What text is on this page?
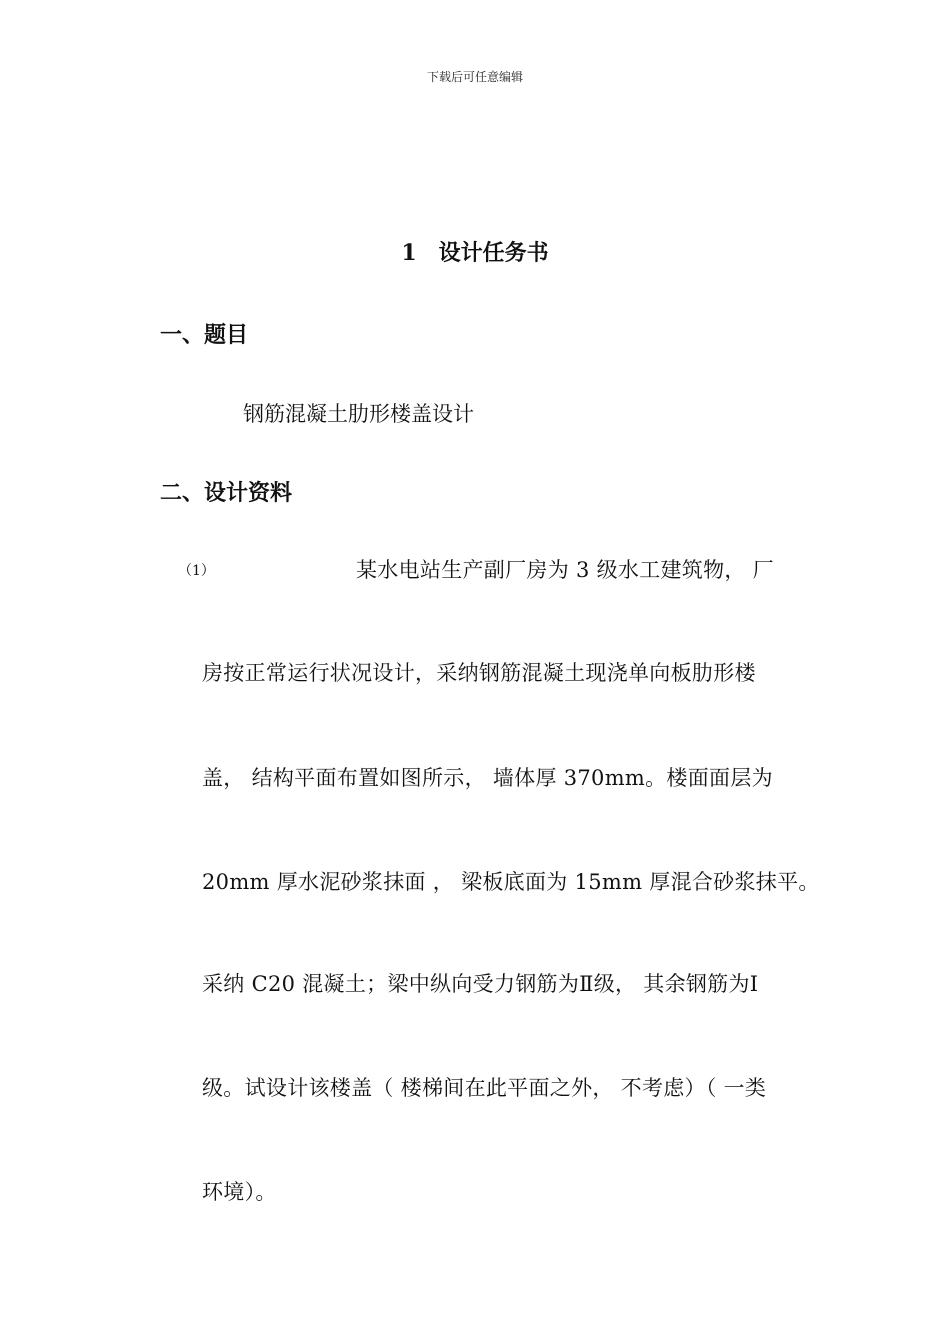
下载后可任意编辑
1 设计任务书
一、题目
钢筋混凝土肋形楼盖设计
二、设计资料
（1）	某水电站生产副厂房为 3 级水工建筑物， 厂
房按正常运行状况设计，采纳钢筋混凝土现浇单向板肋形楼
盖， 结构平面布置如图所示， 墙体厚 370mm。楼面面层为
20mm 厚水泥砂浆抹面 ， 梁板底面为 15mm 厚混合砂浆抹平。
采纳 C20 混凝土；梁中纵向受力钢筋为Ⅱ级， 其余钢筋为Ⅰ
级。试设计该楼盖（ 楼梯间在此平面之外， 不考虑）（ 一类
环境）。
